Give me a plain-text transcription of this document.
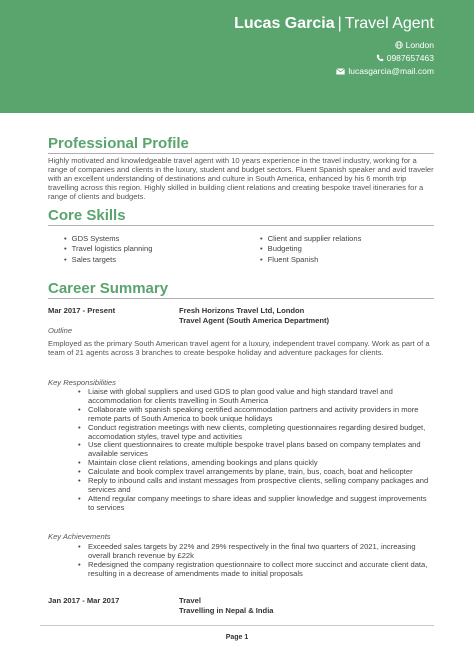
Lucas Garcia | Travel Agent
London
0987657463
lucasgarcia@mail.com
Professional Profile
Highly motivated and knowledgeable travel agent with 10 years experience in the travel industry, working for a range of companies and clients in the luxury, student and budget sectors. Fluent Spanish speaker and avid traveler with an excellent understanding of destinations and culture in South America, enhanced by his 6 month trip travelling across this region. Highly skilled in building client relations and creating bespoke travel itineraries for a range of clients and budgets.
Core Skills
• GDS Systems
• Travel logistics planning
• Sales targets
• Client and supplier relations
• Budgeting
• Fluent Spanish
Career Summary
Mar 2017 - Present	Fresh Horizons Travel Ltd, London
Travel Agent (South America Department)
Outline
Employed as the primary South American travel agent for a luxury, independent travel company. Work as part of a team of 21 agents across 3 branches to create bespoke holiday and adventure packages for clients.
Key Responsibilities
• Liaise with global suppliers and used GDS to plan good value and high standard travel and accommodation for clients travelling in South America
• Collaborate with spanish speaking certified accommodation partners and activity providers in more remote parts of South America to book unique holidays
• Conduct registration meetings with new clients, completing questionnaires regarding desired budget, accomodation styles, travel type and activities
• Use client questionnaires to create multiple bespoke travel plans based on company templates and available services
• Maintain close client relations, amending bookings and plans quickly
• Calculate and book complex travel arrangements by plane, train, bus, coach, boat and helicopter
• Reply to inbound calls and instant messages from prospective clients, selling company packages and services and
• Attend regular company meetings to share ideas and supplier knowledge and suggest improvements to services
Key Achievements
• Exceeded sales targets by 22% and 29% respectively in the final two quarters of 2021, increasing overall branch revenue by £22k
• Redesigned the company registration questionnaire to collect more succinct and accurate client data, resulting in a decrease of amendments made to initial proposals
Jan 2017 - Mar 2017	Travel
Travelling in Nepal & India
Page 1
